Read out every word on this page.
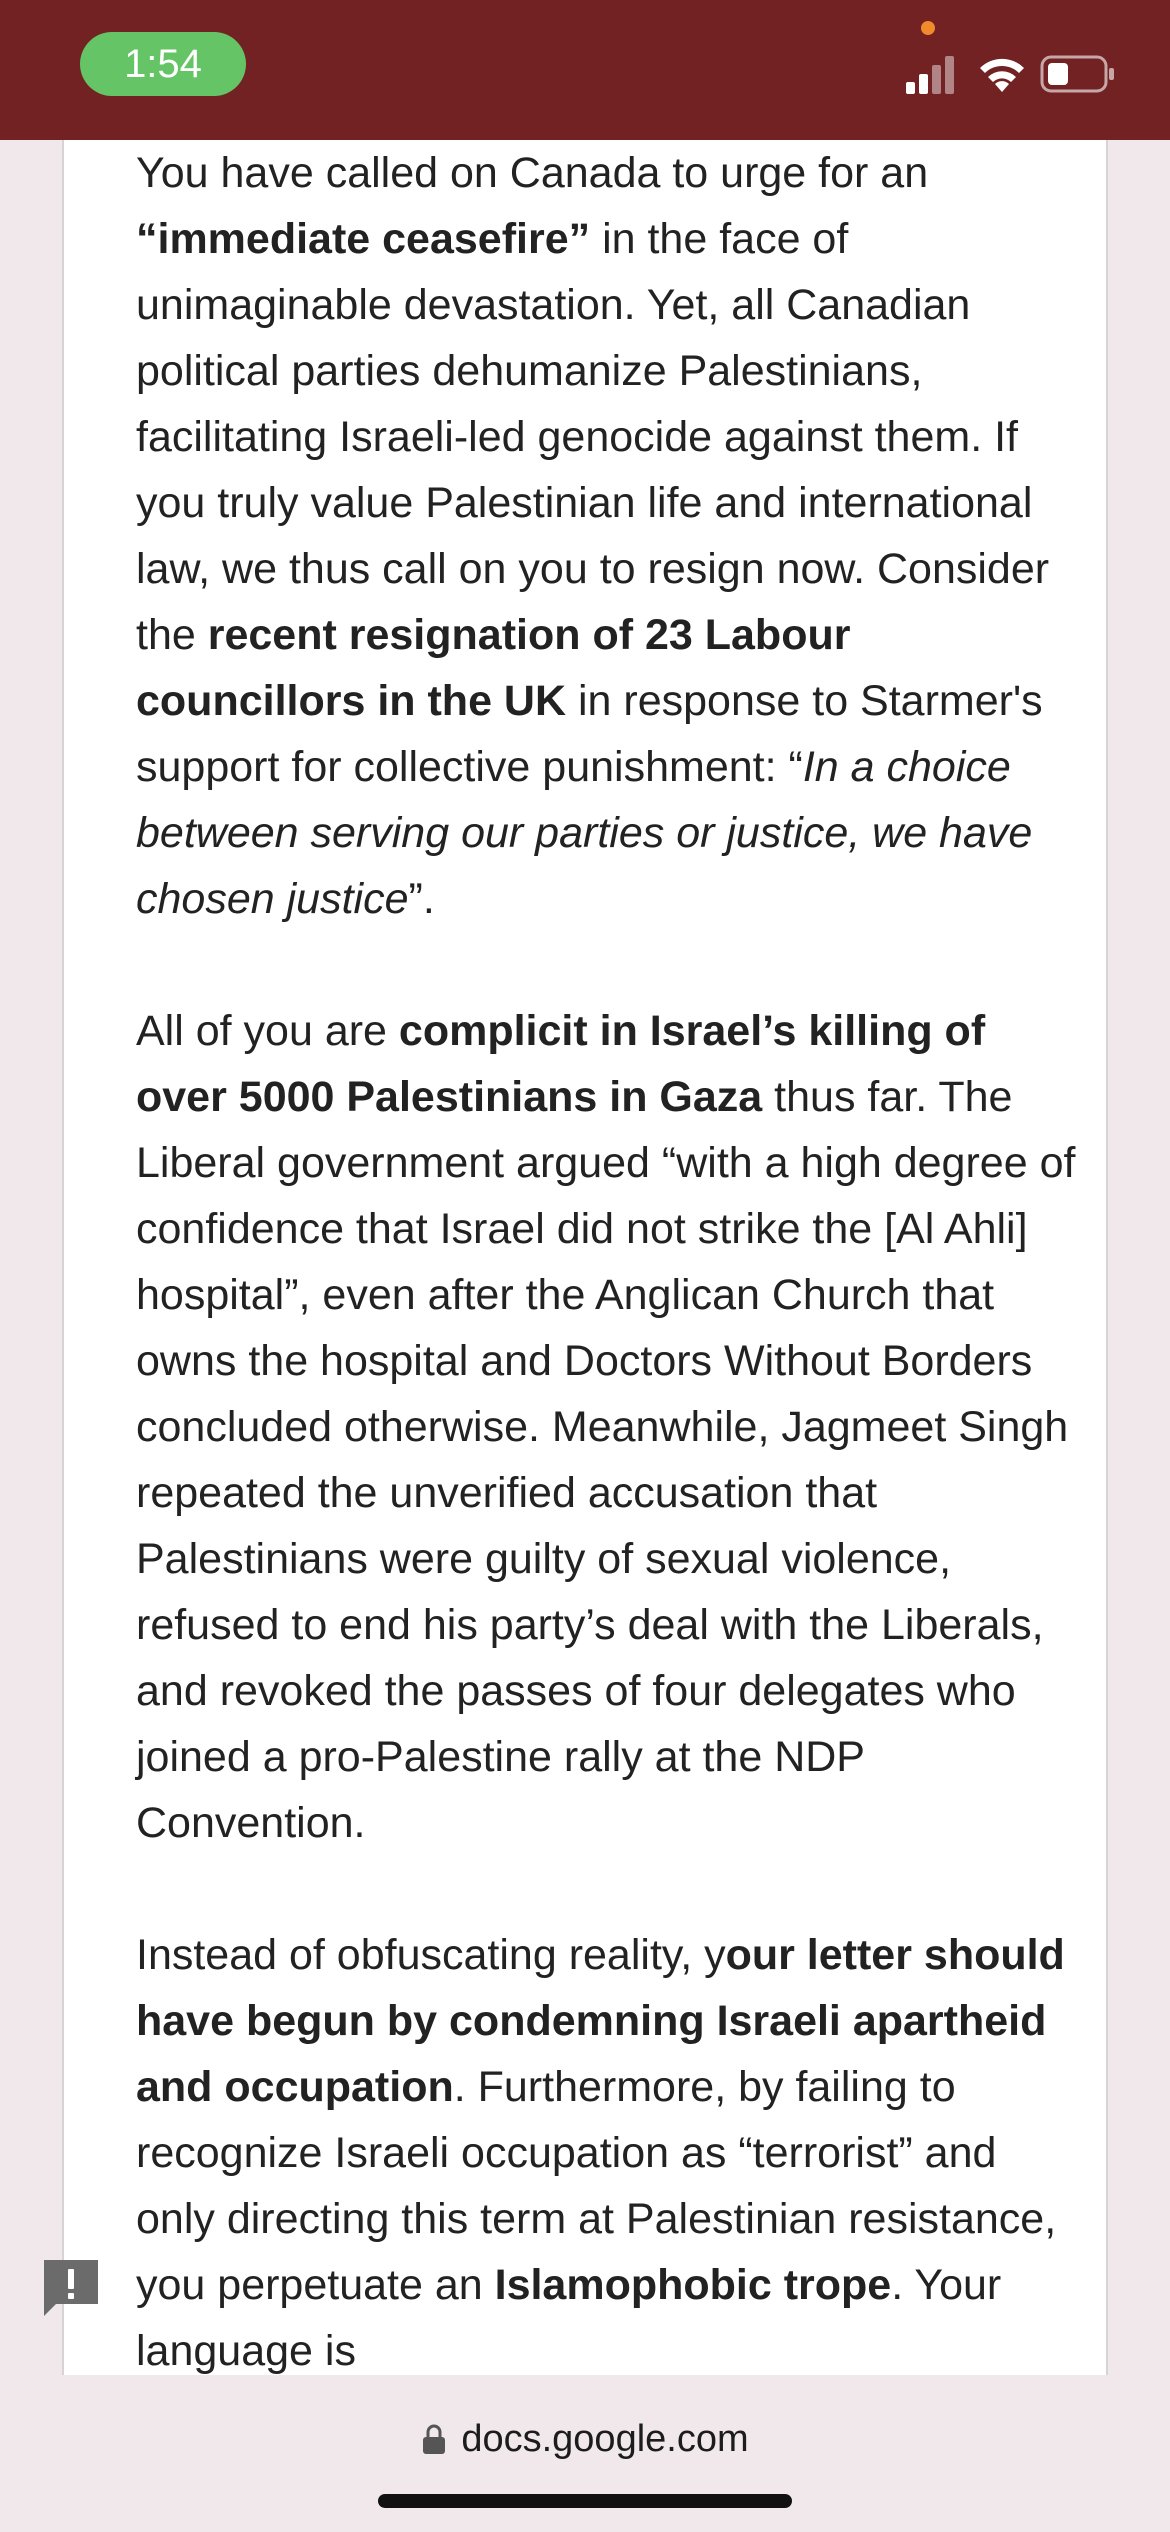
1:54

You have called on Canada to urge for an “immediate ceasefire” in the face of unimaginable devastation. Yet, all Canadian political parties dehumanize Palestinians, facilitating Israeli-led genocide against them. If you truly value Palestinian life and international law, we thus call on you to resign now. Consider the recent resignation of 23 Labour councillors in the UK in response to Starmer's support for collective punishment: “In a choice between serving our parties or justice, we have chosen justice”.

All of you are complicit in Israel’s killing of over 5000 Palestinians in Gaza thus far. The Liberal government argued “with a high degree of confidence that Israel did not strike the [Al Ahli] hospital”, even after the Anglican Church that owns the hospital and Doctors Without Borders concluded otherwise. Meanwhile, Jagmeet Singh repeated the unverified accusation that Palestinians were guilty of sexual violence, refused to end his party’s deal with the Liberals, and revoked the passes of four delegates who joined a pro-Palestine rally at the NDP Convention.

Instead of obfuscating reality, your letter should have begun by condemning Israeli apartheid and occupation. Furthermore, by failing to recognize Israeli occupation as “terrorist” and only directing this term at Palestinian resistance, you perpetuate an Islamophobic trope. Your language is

docs.google.com
